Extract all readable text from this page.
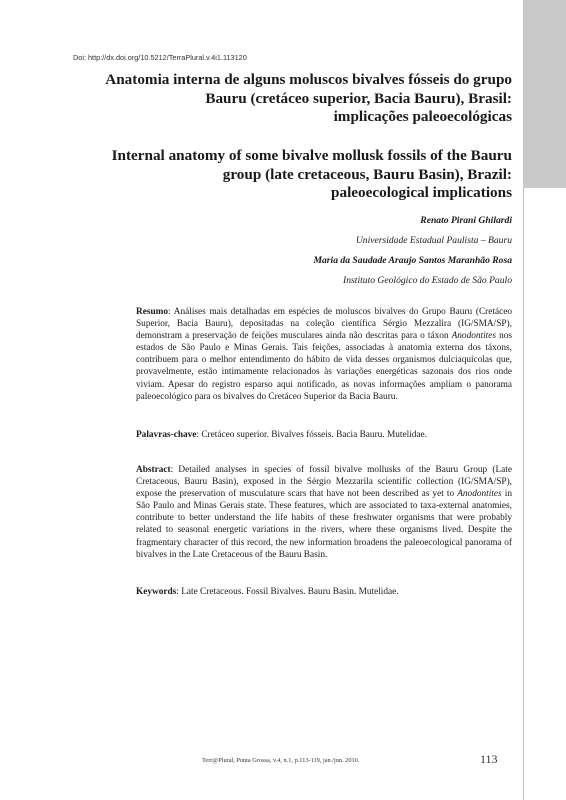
Doi: http://dx.doi.org/10.5212/TerraPlural.v.4i1.113120
Anatomia interna de alguns moluscos bivalves fósseis do grupo
Bauru (cretáceo superior, Bacia Bauru), Brasil:
implicações paleoecológicas
Internal anatomy of some bivalve mollusk fossils of the Bauru
group (late cretaceous, Bauru Basin), Brazil:
paleoecological implications
Renato Pirani Ghilardi
Universidade Estadual Paulista – Bauru
Maria da Saudade Araujo Santos Maranhão Rosa
Instituto Geológico do Estado de São Paulo

Resumo: Análises mais detalhadas em espécies de moluscos bivalves do Grupo Bauru (Cretáceo Superior, Bacia Bauru), depositadas na coleção científica Sérgio Mezzalira (IG/SMA/SP), demonstram a preservação de feições musculares ainda não descritas para o táxon Anodontites nos estados de São Paulo e Minas Gerais. Tais feições, associadas à anatomia externa dos táxons, contribuem para o melhor entendimento do hábito de vida desses organismos dulciaquícolas que, provavelmente, estão intimamente relacionados às variações energéticas sazonais dos rios onde viviam. Apesar do registro esparso aqui notificado, as novas informações ampliam o panorama paleoecológico para os bivalves do Cretáceo Superior da Bacia Bauru.

Palavras-chave: Cretáceo superior. Bivalves fósseis. Bacia Bauru. Mutelidae.

Abstract: Detailed analyses in species of fossil bivalve mollusks of the Bauru Group (Late Cretaceous, Bauru Basin), exposed in the Sérgio Mezzarila scientific collection (IG/SMA/SP), expose the preservation of musculature scars that have not been described as yet to Anodontites in São Paulo and Minas Gerais state. These features, which are associated to taxa-external anatomies, contribute to better understand the life habits of these freshwater organisms that were probably related to seasonal energetic variations in the rivers, where these organisms lived. Despite the fragmentary character of this record, the new information broadens the paleoecological panorama of bivalves in the Late Cretaceous of the Bauru Basin.

Keywords: Late Cretaceous. Fossil Bivalves. Bauru Basin. Mutelidae.

Terr@Plural, Ponta Grossa, v.4, n.1, p.113-119, jan./jun. 2010.	113
